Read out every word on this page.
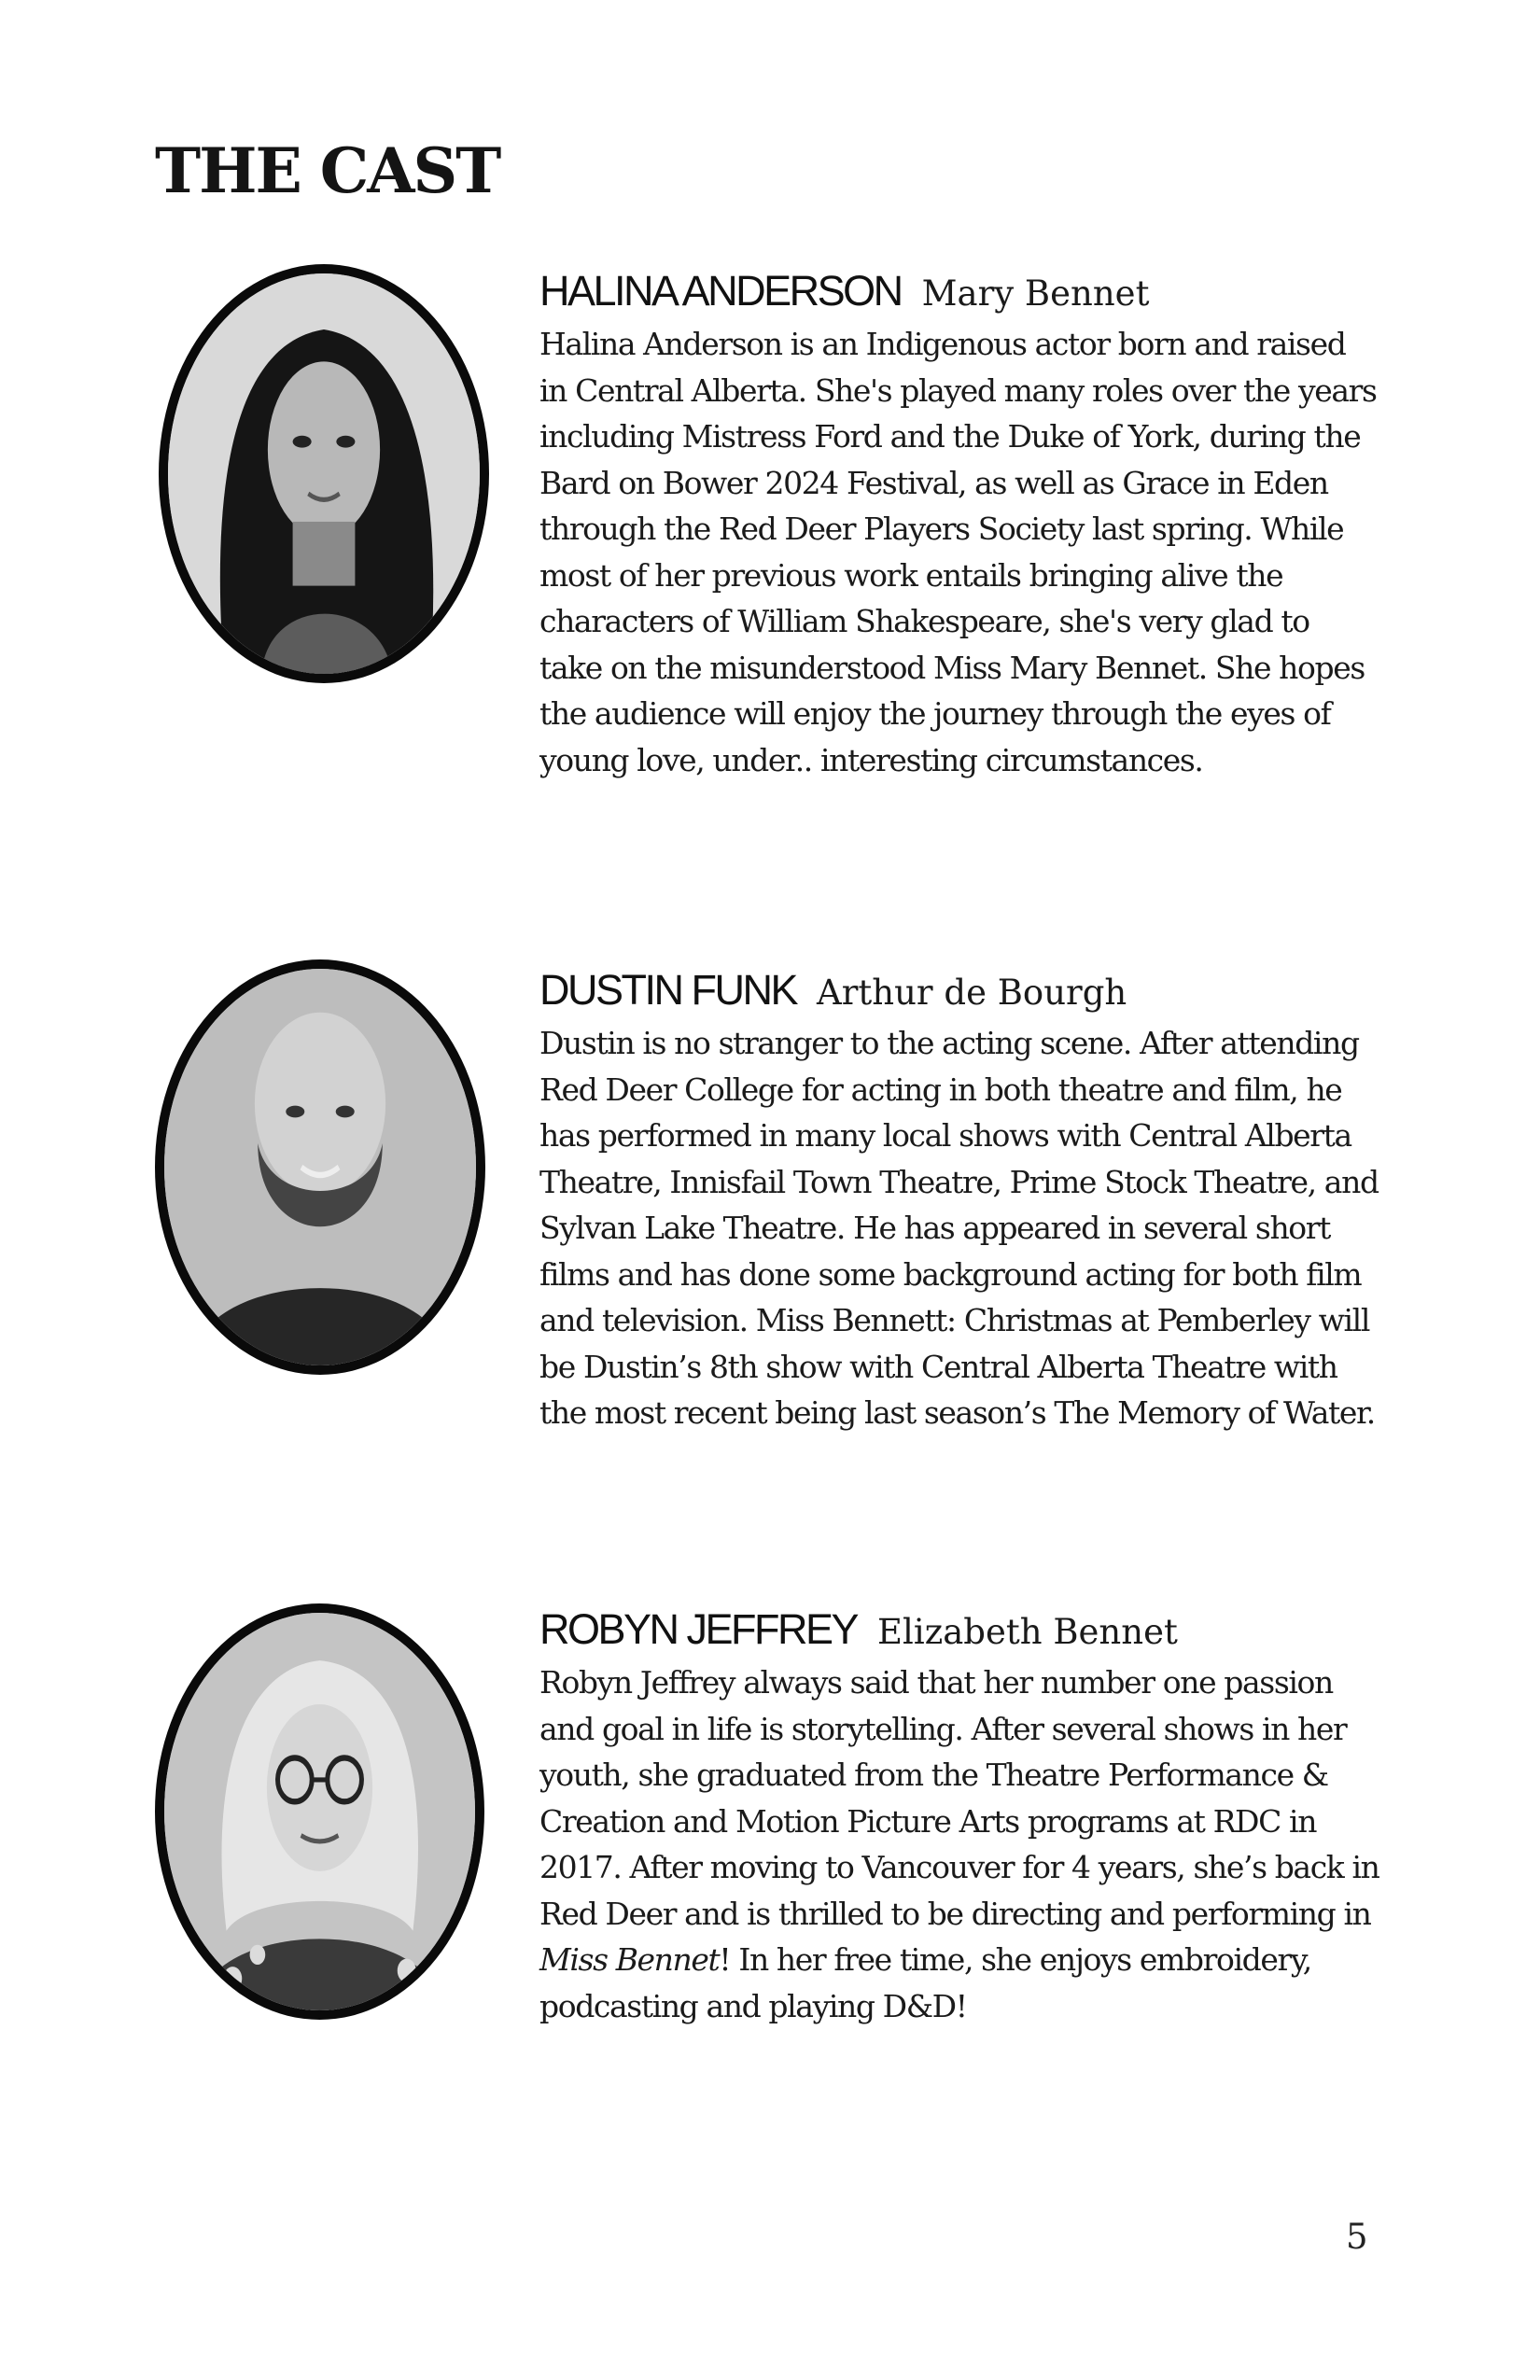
THE CAST

HALINA ANDERSON Mary Bennet

Halina Anderson is an Indigenous actor born and raised in Central Alberta. She's played many roles over the years including Mistress Ford and the Duke of York, during the Bard on Bower 2024 Festival, as well as Grace in Eden through the Red Deer Players Society last spring. While most of her previous work entails bringing alive the characters of William Shakespeare, she's very glad to take on the misunderstood Miss Mary Bennet. She hopes the audience will enjoy the journey through the eyes of young love, under.. interesting circumstances.

DUSTIN FUNK Arthur de Bourgh

Dustin is no stranger to the acting scene. After attending Red Deer College for acting in both theatre and film, he has performed in many local shows with Central Alberta Theatre, Innisfail Town Theatre, Prime Stock Theatre, and Sylvan Lake Theatre. He has appeared in several short films and has done some background acting for both film and television. Miss Bennett: Christmas at Pemberley will be Dustin’s 8th show with Central Alberta Theatre with the most recent being last season’s The Memory of Water.

ROBYN JEFFREY Elizabeth Bennet

Robyn Jeffrey always said that her number one passion and goal in life is storytelling. After several shows in her youth, she graduated from the Theatre Performance & Creation and Motion Picture Arts programs at RDC in 2017. After moving to Vancouver for 4 years, she’s back in Red Deer and is thrilled to be directing and performing in Miss Bennet! In her free time, she enjoys embroidery, podcasting and playing D&D!

5
